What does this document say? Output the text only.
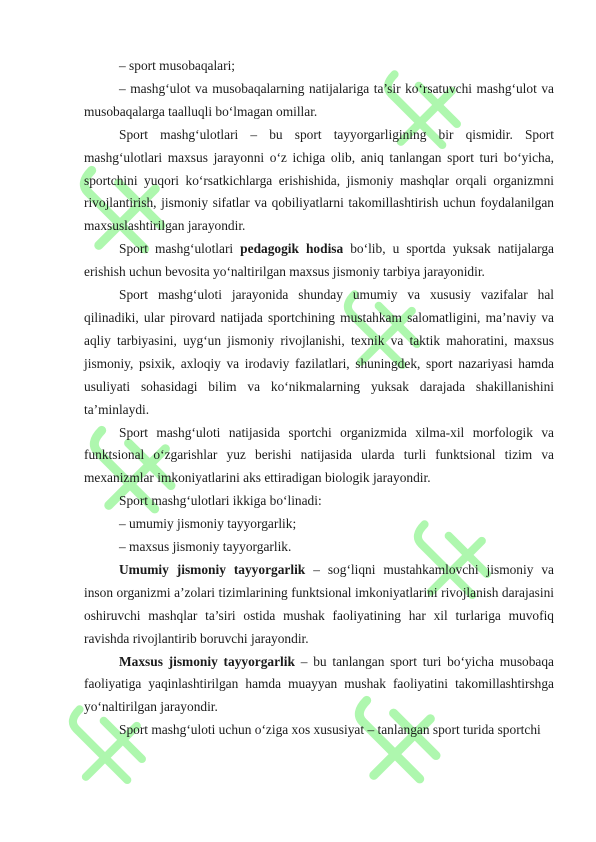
– sport musobaqalari;

– mashg‘ulot va musobaqalarning natijalariga ta’sir ko‘rsatuvchi mashg‘ulot va musobaqalarga taalluqli bo‘lmagan omillar.

Sport mashg‘ulotlari – bu sport tayyorgarligining bir qismidir. Sport mashg‘ulotlari maxsus jarayonni o‘z ichiga olib, aniq tanlangan sport turi bo‘yicha, sportchini yuqori ko‘rsatkichlarga erishishida, jismoniy mashqlar orqali organizmni rivojlantirish, jismoniy sifatlar va qobiliyatlarni takomillashtirish uchun foydalanilgan maxsuslashtirilgan jarayondir.

Sport mashg‘ulotlari pedagogik hodisa bo‘lib, u sportda yuksak natijalarga erishish uchun bevosita yo‘naltirilgan maxsus jismoniy tarbiya jarayonidir.

Sport mashg‘uloti jarayonida shunday umumiy va xususiy vazifalar hal qilinadiki, ular pirovard natijada sportchining mustahkam salomatligini, ma’naviy va aqliy tarbiyasini, uyg‘un jismoniy rivojlanishi, texnik va taktik mahoratini, maxsus jismoniy, psixik, axloqiy va irodaviy fazilatlari, shuningdek, sport nazariyasi hamda usuliyati sohasidagi bilim va ko‘nikmalarning yuksak darajada shakillanishini ta’minlaydi.

Sport mashg‘uloti natijasida sportchi organizmida xilma-xil morfologik va funktsional o‘zgarishlar yuz berishi natijasida ularda turli funktsional tizim va mexanizmlar imkoniyatlarini aks ettiradigan biologik jarayondir.

Sport mashg‘ulotlari ikkiga bo‘linadi:

– umumiy jismoniy tayyorgarlik;

– maxsus jismoniy tayyorgarlik.

Umumiy jismoniy tayyorgarlik – sog‘liqni mustahkamlovchi jismoniy va inson organizmi a’zolari tizimlarining funktsional imkoniyatlarini rivojlanish darajasini oshiruvchi mashqlar ta’siri ostida mushak faoliyatining har xil turlariga muvofiq ravishda rivojlantirib boruvchi jarayondir.

Maxsus jismoniy tayyorgarlik – bu tanlangan sport turi bo‘yicha musobaqa faoliyatiga yaqinlashtirilgan hamda muayyan mushak faoliyatini takomillashtirshga yo‘naltirilgan jarayondir.

Sport mashg‘uloti uchun o‘ziga xos xususiyat – tanlangan sport turida sportchi
